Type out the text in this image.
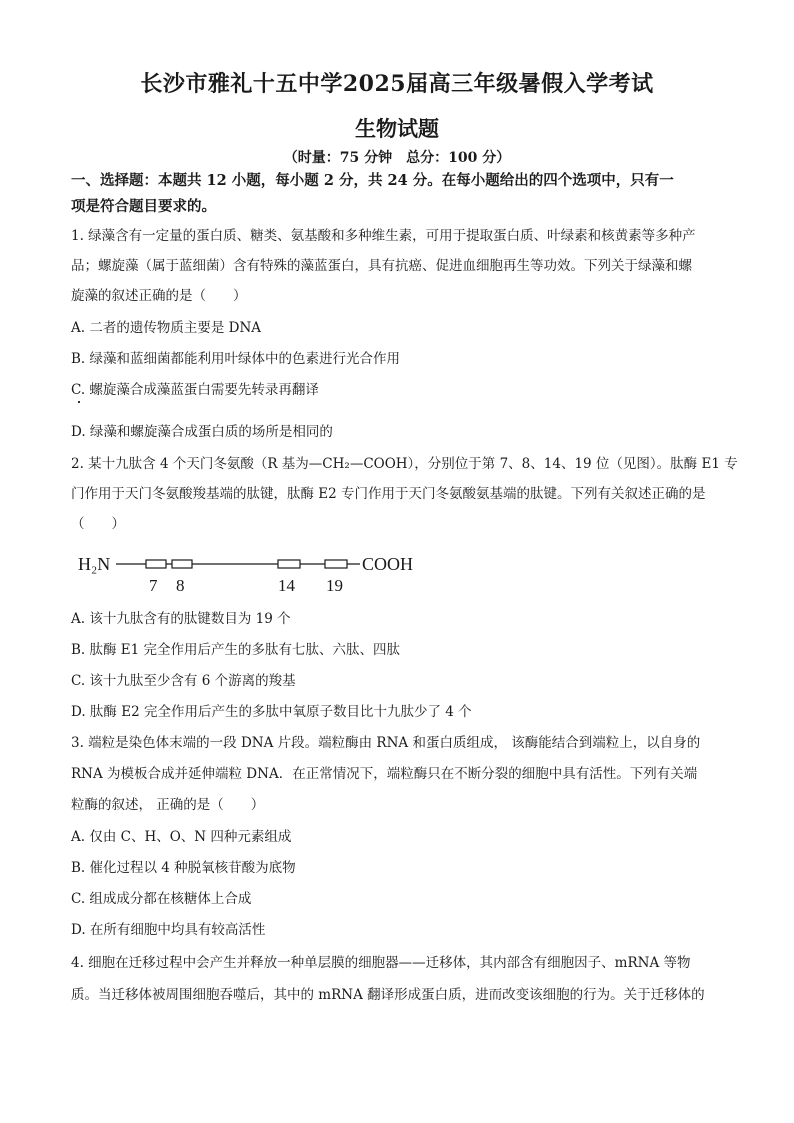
长沙市雅礼十五中学2025届高三年级暑假入学考试
生物试题
（时量：75 分钟　总分：100 分）
一、选择题：本题共 12 小题，每小题 2 分，共 24 分。在每小题给出的四个选项中，只有一
项是符合题目要求的。
1. 绿藻含有一定量的蛋白质、糖类、氨基酸和多种维生素，可用于提取蛋白质、叶绿素和核黄素等多种产
品；螺旋藻（属于蓝细菌）含有特殊的藻蓝蛋白，具有抗癌、促进血细胞再生等功效。下列关于绿藻和螺
旋藻的叙述正确的是（　　）
A. 二者的遗传物质主要是 DNA
B. 绿藻和蓝细菌都能利用叶绿体中的色素进行光合作用
C. 螺旋藻合成藻蓝蛋白需要先转录再翻译
D. 绿藻和螺旋藻合成蛋白质的场所是相同的
2. 某十九肽含 4 个天门冬氨酸（R 基为—CH₂—COOH），分别位于第 7、8、14、19 位（见图）。肽酶 E1 专
门作用于天门冬氨酸羧基端的肽键，肽酶 E2 专门作用于天门冬氨酸氨基端的肽键。下列有关叙述正确的是
（　　）
H₂N	COOH
7 8	14 19
A. 该十九肽含有的肽键数目为 19 个
B. 肽酶 E1 完全作用后产生的多肽有七肽、六肽、四肽
C. 该十九肽至少含有 6 个游离的羧基
D. 肽酶 E2 完全作用后产生的多肽中氧原子数目比十九肽少了 4 个
3. 端粒是染色体末端的一段 DNA 片段。端粒酶由 RNA 和蛋白质组成， 该酶能结合到端粒上，以自身的
RNA 为模板合成并延伸端粒 DNA．在正常情况下，端粒酶只在不断分裂的细胞中具有活性。下列有关端
粒酶的叙述， 正确的是（　　）
A. 仅由 C、H、O、N 四种元素组成
B. 催化过程以 4 种脱氧核苷酸为底物
C. 组成成分都在核糖体上合成
D. 在所有细胞中均具有较高活性
4. 细胞在迁移过程中会产生并释放一种单层膜的细胞器——迁移体，其内部含有细胞因子、mRNA 等物
质。当迁移体被周围细胞吞噬后，其中的 mRNA 翻译形成蛋白质，进而改变该细胞的行为。关于迁移体的
